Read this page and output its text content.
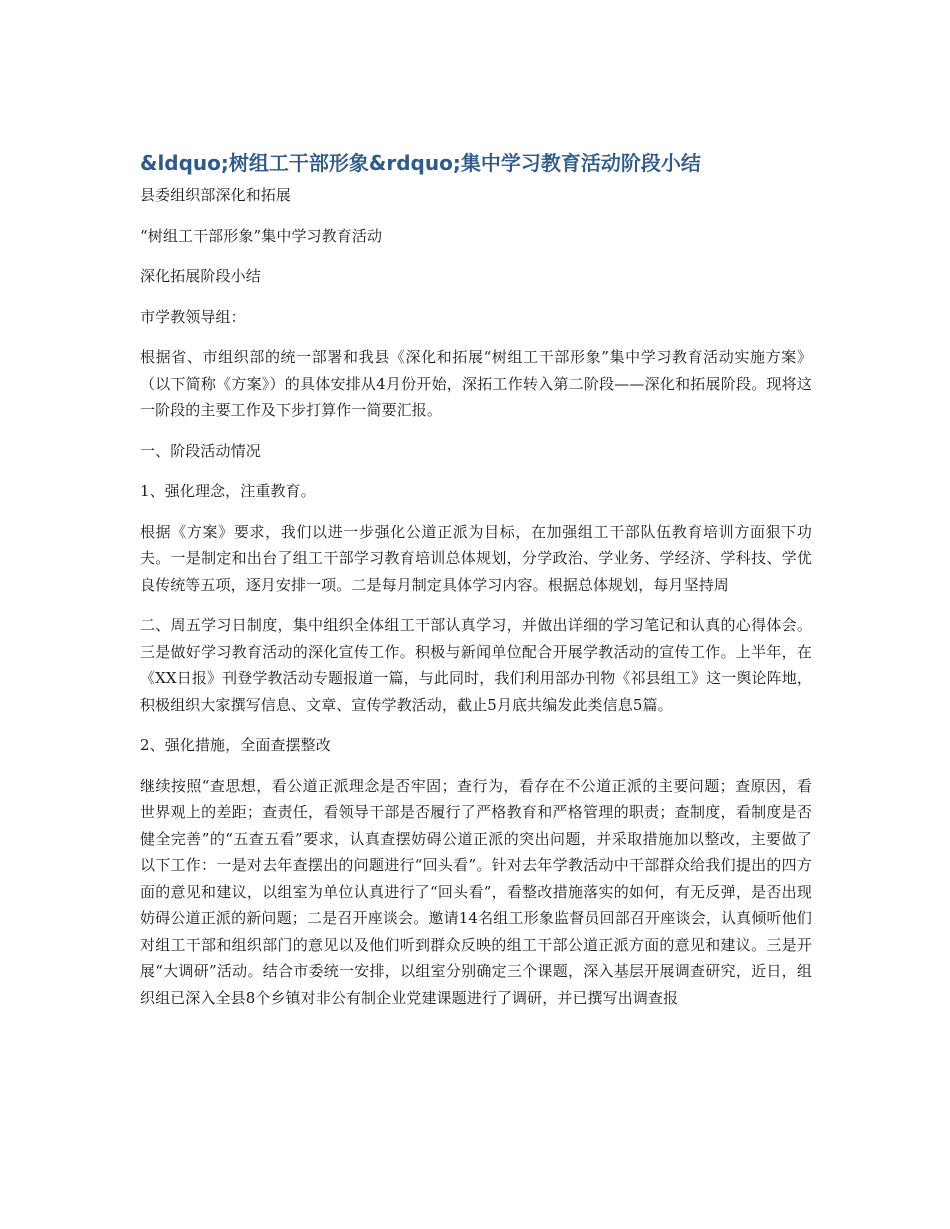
&ldquo;树组工干部形象&rdquo;集中学习教育活动阶段小结

县委组织部深化和拓展

“树组工干部形象”集中学习教育活动

深化拓展阶段小结

市学教领导组：

根据省、市组织部的统一部署和我县《深化和拓展“树组工干部形象”集中学习教育活动实施方案》（以下简称《方案》）的具体安排从4月份开始，深拓工作转入第二阶段——深化和拓展阶段。现将这一阶段的主要工作及下步打算作一简要汇报。

一、阶段活动情况

1、强化理念，注重教育。

根据《方案》要求，我们以进一步强化公道正派为目标，在加强组工干部队伍教育培训方面狠下功夫。一是制定和出台了组工干部学习教育培训总体规划，分学政治、学业务、学经济、学科技、学优良传统等五项，逐月安排一项。二是每月制定具体学习内容。根据总体规划，每月坚持周

二、周五学习日制度，集中组织全体组工干部认真学习，并做出详细的学习笔记和认真的心得体会。三是做好学习教育活动的深化宣传工作。积极与新闻单位配合开展学教活动的宣传工作。上半年，在《XX日报》刊登学教活动专题报道一篇，与此同时，我们利用部办刊物《祁县组工》这一舆论阵地，积极组织大家撰写信息、文章、宣传学教活动，截止5月底共编发此类信息5篇。

2、强化措施，全面查摆整改

继续按照“查思想，看公道正派理念是否牢固；查行为，看存在不公道正派的主要问题；查原因，看世界观上的差距；查责任，看领导干部是否履行了严格教育和严格管理的职责；查制度，看制度是否健全完善”的“五查五看”要求，认真查摆妨碍公道正派的突出问题，并采取措施加以整改，主要做了以下工作：一是对去年查摆出的问题进行“回头看”。针对去年学教活动中干部群众给我们提出的四方面的意见和建议，以组室为单位认真进行了“回头看”，看整改措施落实的如何，有无反弹，是否出现妨碍公道正派的新问题；二是召开座谈会。邀请14名组工形象监督员回部召开座谈会，认真倾听他们对组工干部和组织部门的意见以及他们听到群众反映的组工干部公道正派方面的意见和建议。三是开展“大调研”活动。结合市委统一安排，以组室分别确定三个课题，深入基层开展调查研究，近日，组织组已深入全县8个乡镇对非公有制企业党建课题进行了调研，并已撰写出调查报
